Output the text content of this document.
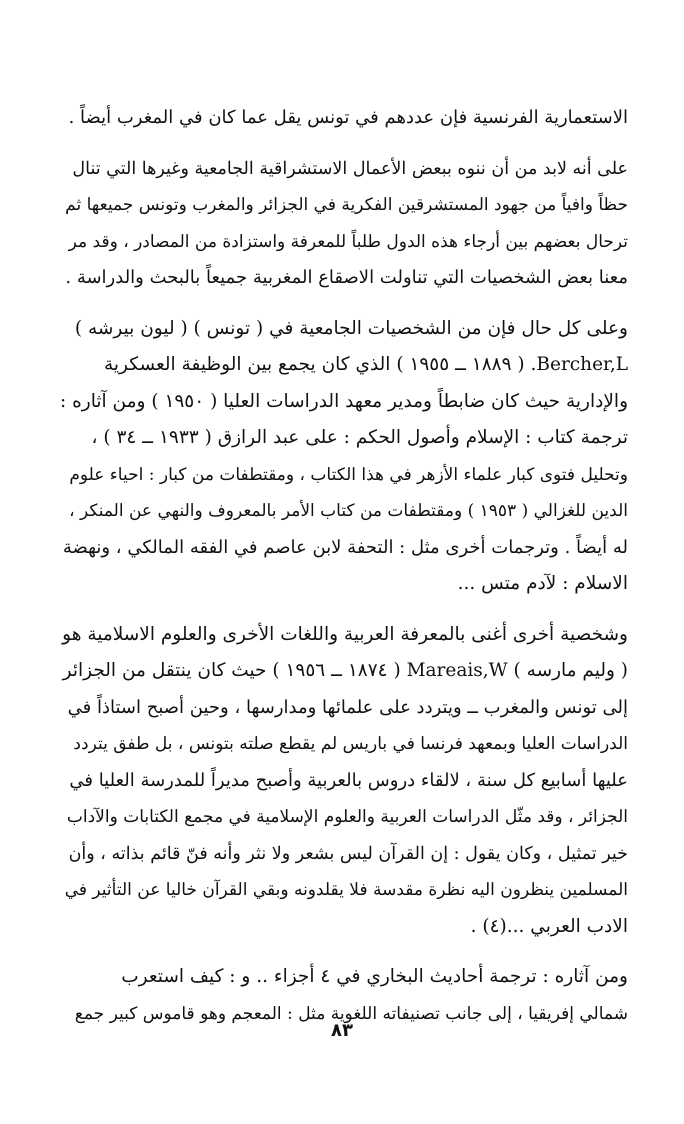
الاستعمارية الفرنسية فإن عددهم في تونس يقل عما كان في المغرب أيضاً .

على أنه لابد من أن ننوه ببعض الأعمال الاستشراقية الجامعية وغيرها التي تنال
حظاً وافياً من جهود المستشرقين الفكرية في الجزائر والمغرب وتونس جميعها ثم
ترحال بعضهم بين أرجاء هذه الدول طلباً للمعرفة واستزادة من المصادر ، وقد مر
معنا بعض الشخصيات التي تناولت الاصقاع المغربية جميعاً بالبحث والدراسة .

وعلى كل حال فإن من الشخصيات الجامعية في ( تونس ) ( ليون بيرشه )
Bercher,L. ( ١٨٨٩ ــ ١٩٥٥ ) الذي كان يجمع بين الوظيفة العسكرية
والإدارية حيث كان ضابطاً ومدير معهد الدراسات العليا ( ١٩٥٠ ) ومن آثاره :
ترجمة كتاب : الإسلام وأصول الحكم : على عبد الرازق ( ١٩٣٣ ــ ٣٤ ) ،
وتحليل فتوى كبار علماء الأزهر في هذا الكتاب ، ومقتطفات من كبار : احياء علوم
الدين للغزالي ( ١٩٥٣ ) ومقتطفات من كتاب الأمر بالمعروف والنهي عن المنكر ،
له أيضاً . وترجمات أخرى مثل : التحفة لابن عاصم في الفقه المالكي ، ونهضة
الاسلام : لآدم متس ...

وشخصية أخرى أغنى بالمعرفة العربية واللغات الأخرى والعلوم الاسلامية هو
( وليم مارسه ) Mareais,W ( ١٨٧٤ ــ ١٩٥٦ ) حيث كان ينتقل من الجزائر
إلى تونس والمغرب ــ ويتردد على علمائها ومدارسها ، وحين أصبح استاذاً في
الدراسات العليا وبمعهد فرنسا في باريس لم يقطع صلته بتونس ، بل طفق يتردد
عليها أسابيع كل سنة ، لالقاء دروس بالعربية وأصبح مديراً للمدرسة العليا في
الجزائر ، وقد مثّل الدراسات العربية والعلوم الإسلامية في مجمع الكتابات والآداب
خير تمثيل ، وكان يقول : إن القرآن ليس بشعر ولا نثر وأنه فنّ قائم بذاته ، وأن
المسلمين ينظرون اليه نظرة مقدسة فلا يقلدونه وبقي القرآن خاليا عن التأثير في
الادب العربي ...(٤) .

ومن آثاره : ترجمة أحاديث البخاري في ٤ أجزاء .. و : كيف استعرب
شمالي إفريقيا ، إلى جانب تصنيفاته اللغوية مثل : المعجم وهو قاموس كبير جمع

٨٣
